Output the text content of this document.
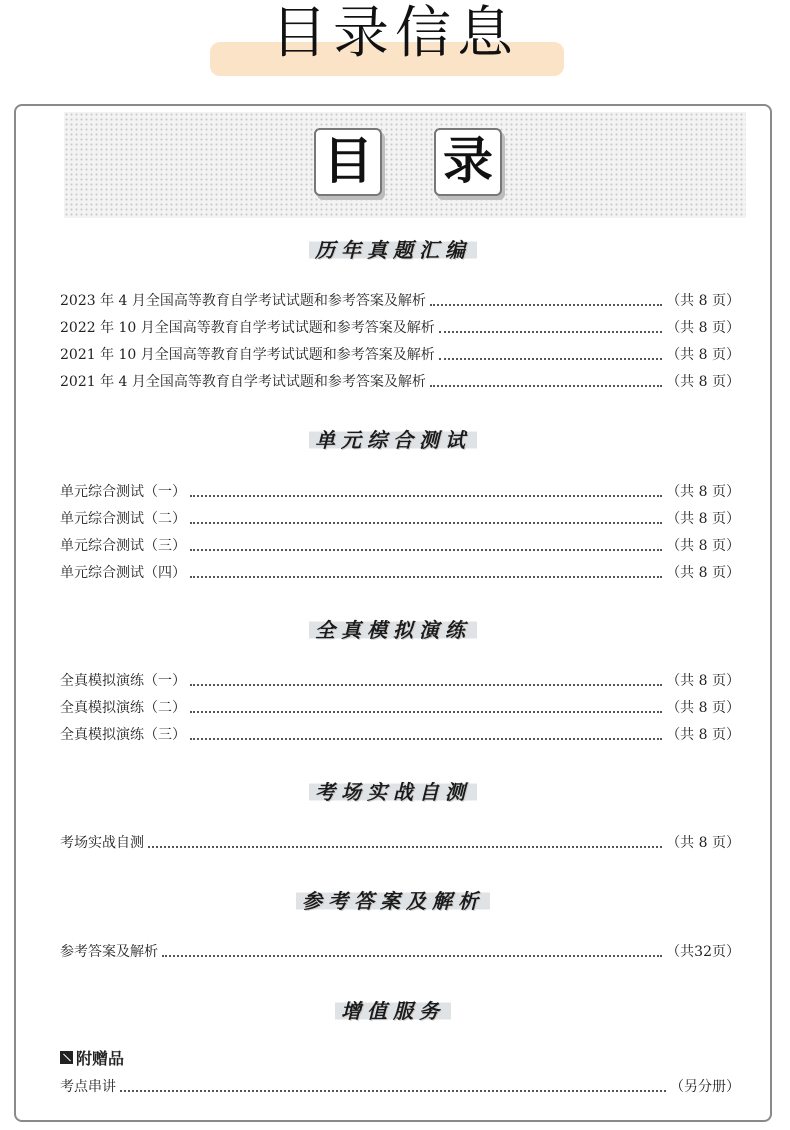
目录信息
目 录
历年真题汇编
2023 年 4 月全国高等教育自学考试试题和参考答案及解析	（共 8 页）
2022 年 10 月全国高等教育自学考试试题和参考答案及解析	（共 8 页）
2021 年 10 月全国高等教育自学考试试题和参考答案及解析	（共 8 页）
2021 年 4 月全国高等教育自学考试试题和参考答案及解析	（共 8 页）
单元综合测试
单元综合测试（一）	（共 8 页）
单元综合测试（二）	（共 8 页）
单元综合测试（三）	（共 8 页）
单元综合测试（四）	（共 8 页）
全真模拟演练
全真模拟演练（一）	（共 8 页）
全真模拟演练（二）	（共 8 页）
全真模拟演练（三）	（共 8 页）
考场实战自测
考场实战自测	（共 8 页）
参考答案及解析
参考答案及解析	（共32页）
增值服务
附赠品
考点串讲	（另分册）
